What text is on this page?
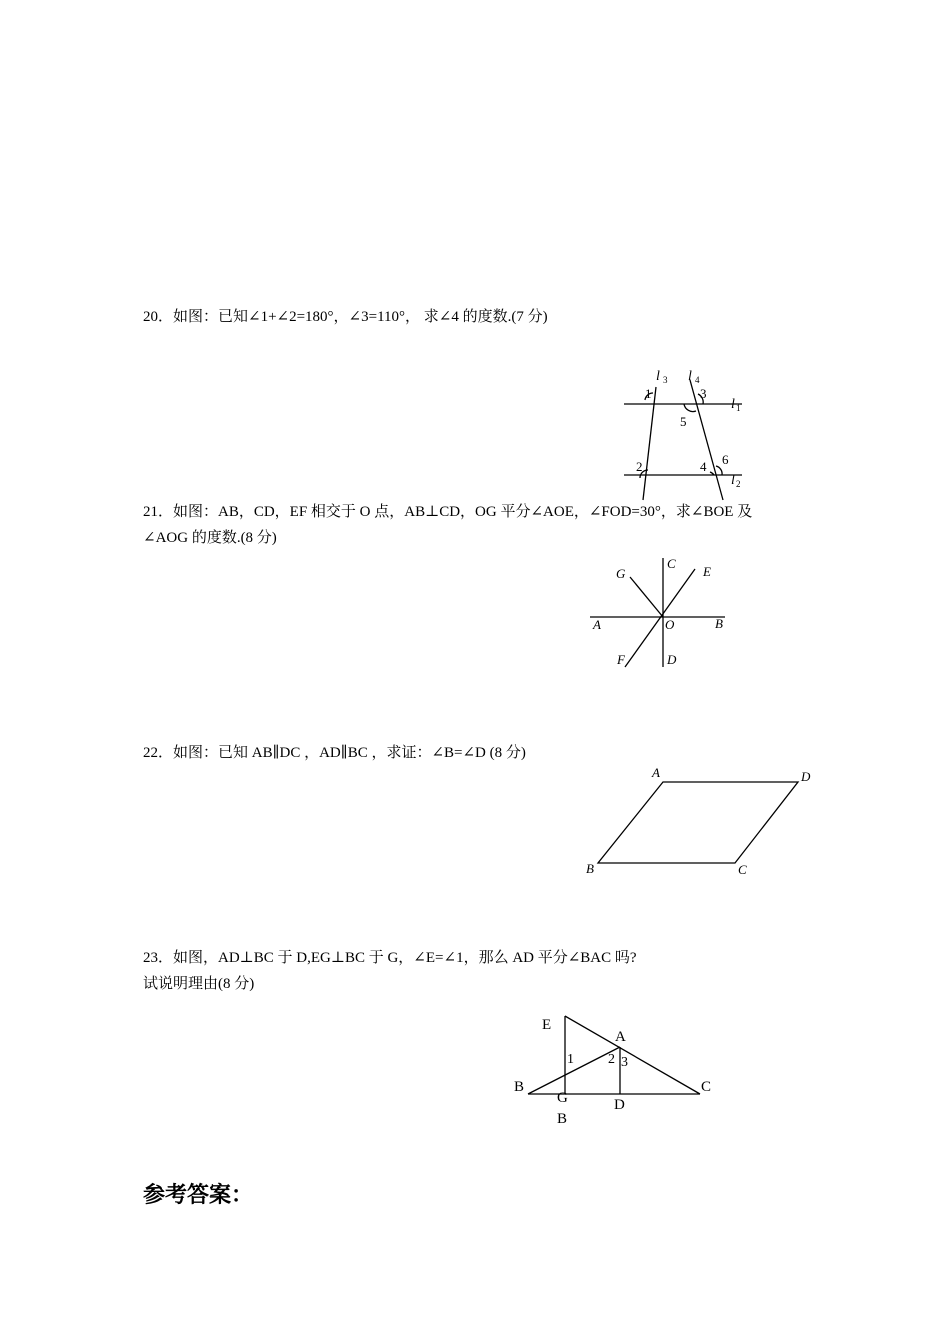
20．如图：已知∠1+∠2=180°，∠3=110°， 求∠4 的度数.(7 分)
l 3 l 4
l 1
l 2
1
2
3
4
5
6
21．如图：AB，CD，EF 相交于 O 点，AB⊥CD，OG 平分∠AOE，∠FOD=30°，求∠BOE 及
∠AOG 的度数.(8 分)
A	B
C
D
E
F
G
O
22．如图：已知 AB∥DC ，AD∥BC ，求证：∠B=∠D (8 分)
A	D
B	C
23．如图，AD⊥BC 于 D,EG⊥BC 于 G，∠E=∠1，那么 AD 平分∠BAC 吗?
试说明理由(8 分)
E
A
B	C
D
G
B
1 2 3
参考答案：
